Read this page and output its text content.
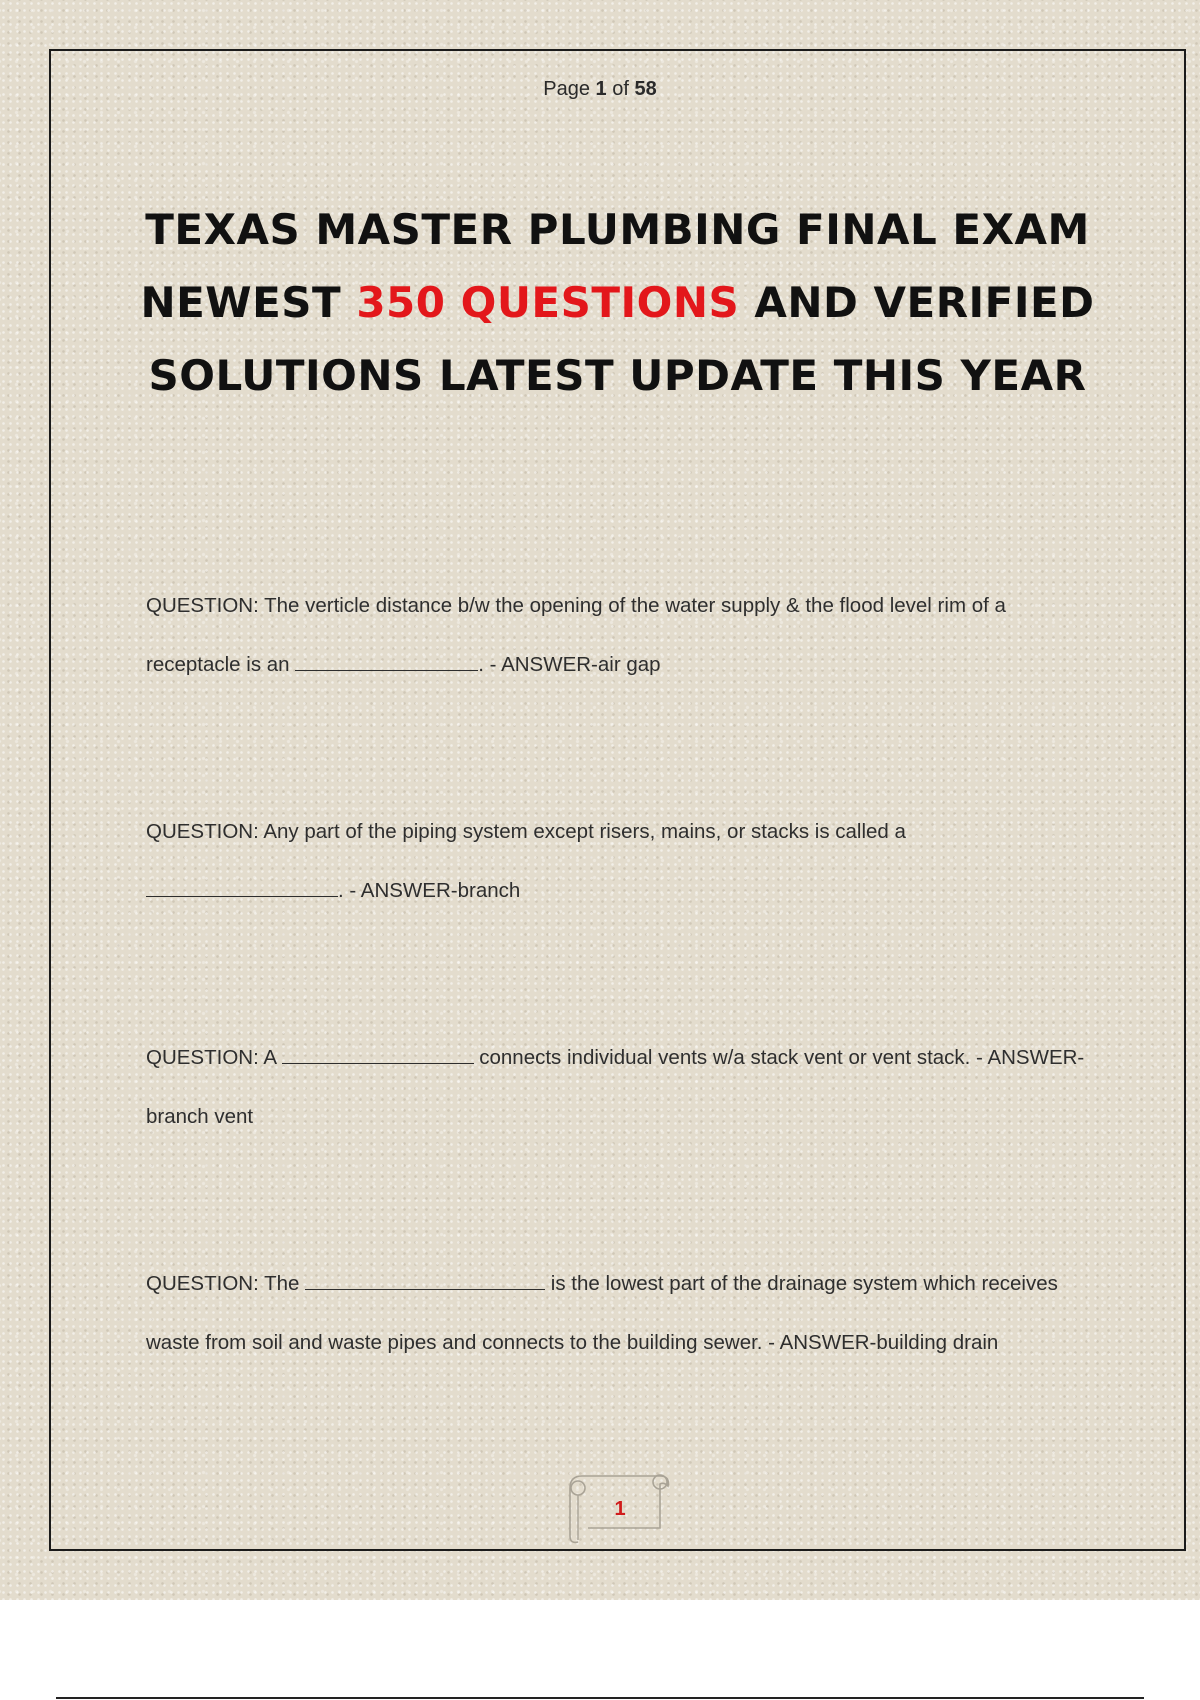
Page 1 of 58
TEXAS MASTER PLUMBING FINAL EXAM NEWEST 350 QUESTIONS AND VERIFIED SOLUTIONS LATEST UPDATE THIS YEAR
QUESTION: The verticle distance b/w the opening of the water supply & the flood level rim of a receptacle is an	. - ANSWER-air gap
QUESTION: Any part of the piping system except risers, mains, or stacks is called a . - ANSWER-branch
QUESTION: A	connects individual vents w/a stack vent or vent stack. - ANSWER-branch vent
QUESTION: The	is the lowest part of the drainage system which receives waste from soil and waste pipes and connects to the building sewer. - ANSWER-building drain
1
